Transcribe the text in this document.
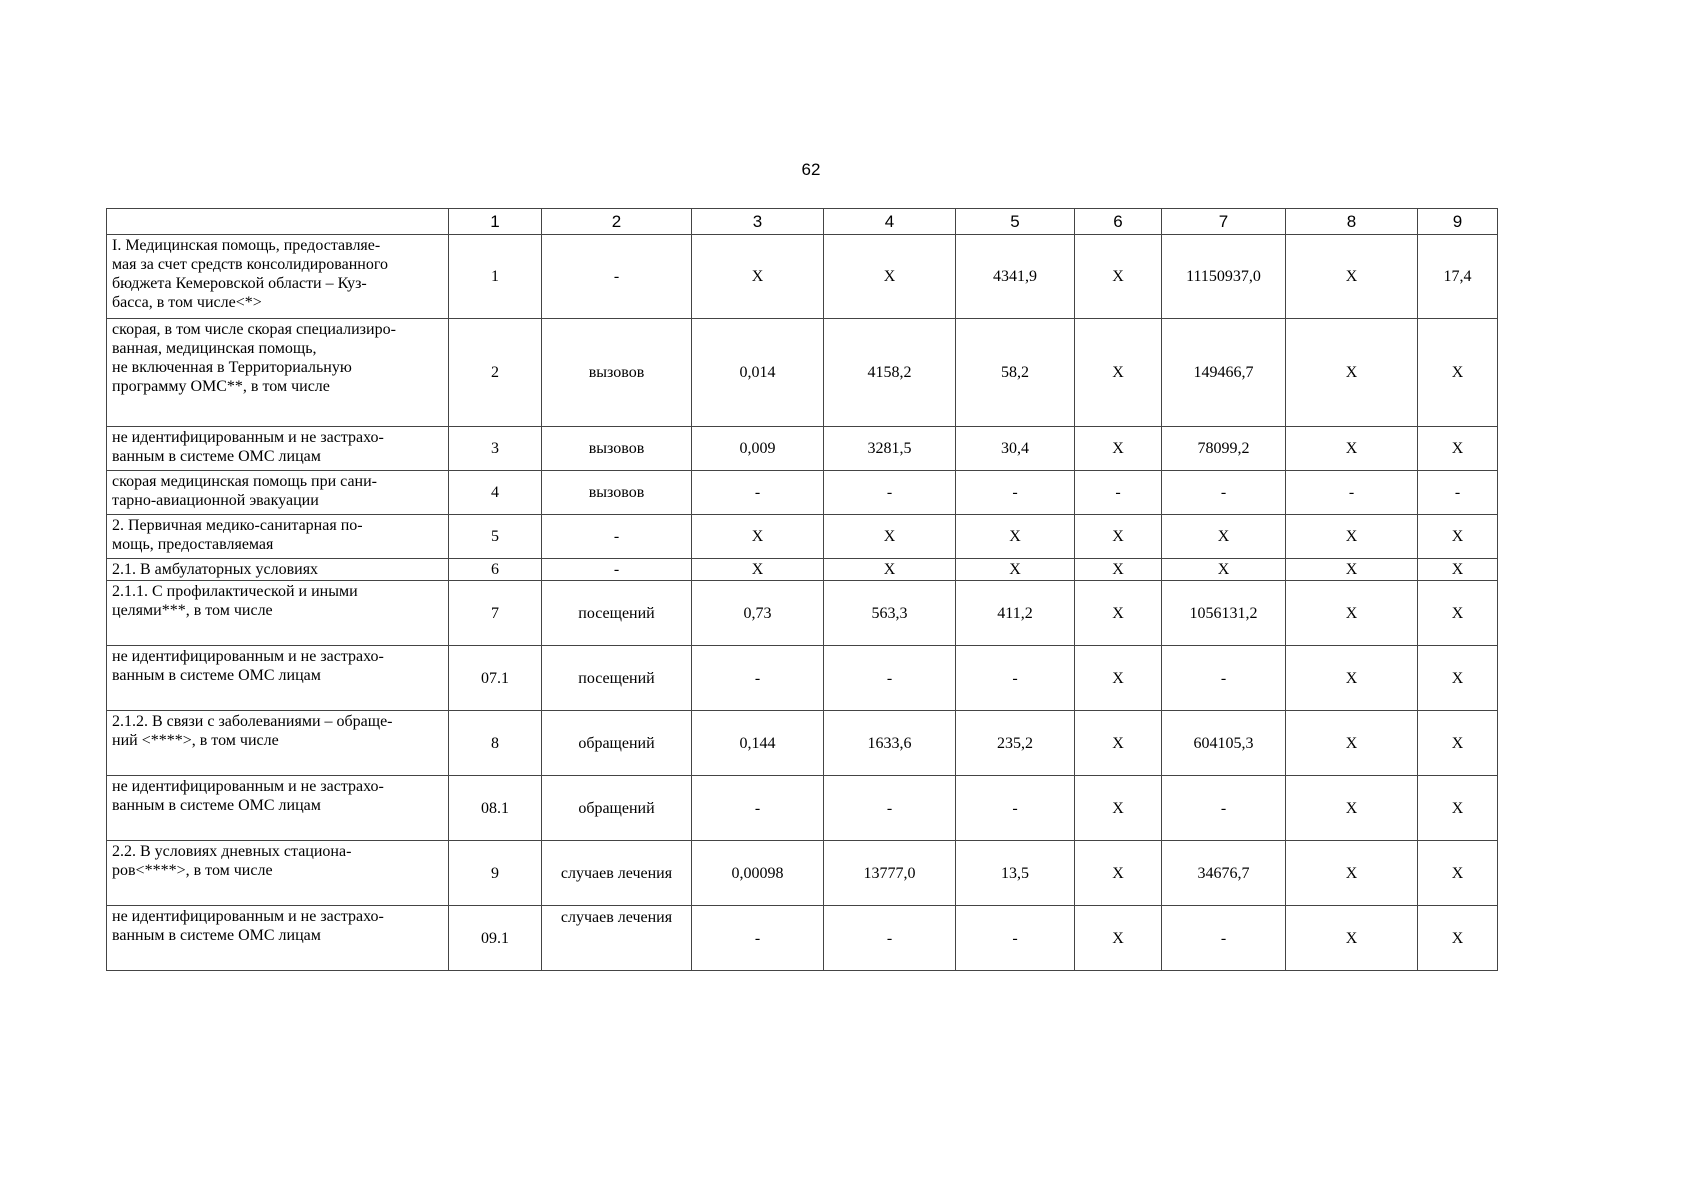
62
	1	2	3	4	5	6	7	8	9
I. Медицинская помощь, предоставляе-
мая за счет средств консолидированного
бюджета Кемеровской области – Куз-
басса, в том числе<*>	1	-	X	X	4341,9	X	11150937,0	X	17,4
скорая, в том числе скорая специализиро-
ванная, медицинская помощь,
не включенная в Территориальную
программу ОМС**, в том числе	2	вызовов	0,014	4158,2	58,2	X	149466,7	X	X
не идентифицированным и не застрахо-
ванным в системе ОМС лицам	3	вызовов	0,009	3281,5	30,4	X	78099,2	X	X
скорая медицинская помощь при сани-
тарно-авиационной эвакуации	4	вызовов	-	-	-	-	-	-	-
2. Первичная медико-санитарная по-
мощь, предоставляемая	5	-	X	X	X	X	X	X	X
2.1. В амбулаторных условиях	6	-	X	X	X	X	X	X	X
2.1.1. С профилактической и иными
целями***, в том числе	7	посещений	0,73	563,3	411,2	X	1056131,2	X	X
не идентифицированным и не застрахо-
ванным в системе ОМС лицам	07.1	посещений	-	-	-	X	-	X	X
2.1.2. В связи с заболеваниями – обраще-
ний <****>, в том числе	8	обращений	0,144	1633,6	235,2	X	604105,3	X	X
не идентифицированным и не застрахо-
ванным в системе ОМС лицам	08.1	обращений	-	-	-	X	-	X	X
2.2. В условиях дневных стациона-
ров<****>, в том числе	9	случаев лечения	0,00098	13777,0	13,5	X	34676,7	X	X
не идентифицированным и не застрахо-
ванным в системе ОМС лицам	09.1	случаев лечения	-	-	-	X	-	X	X
